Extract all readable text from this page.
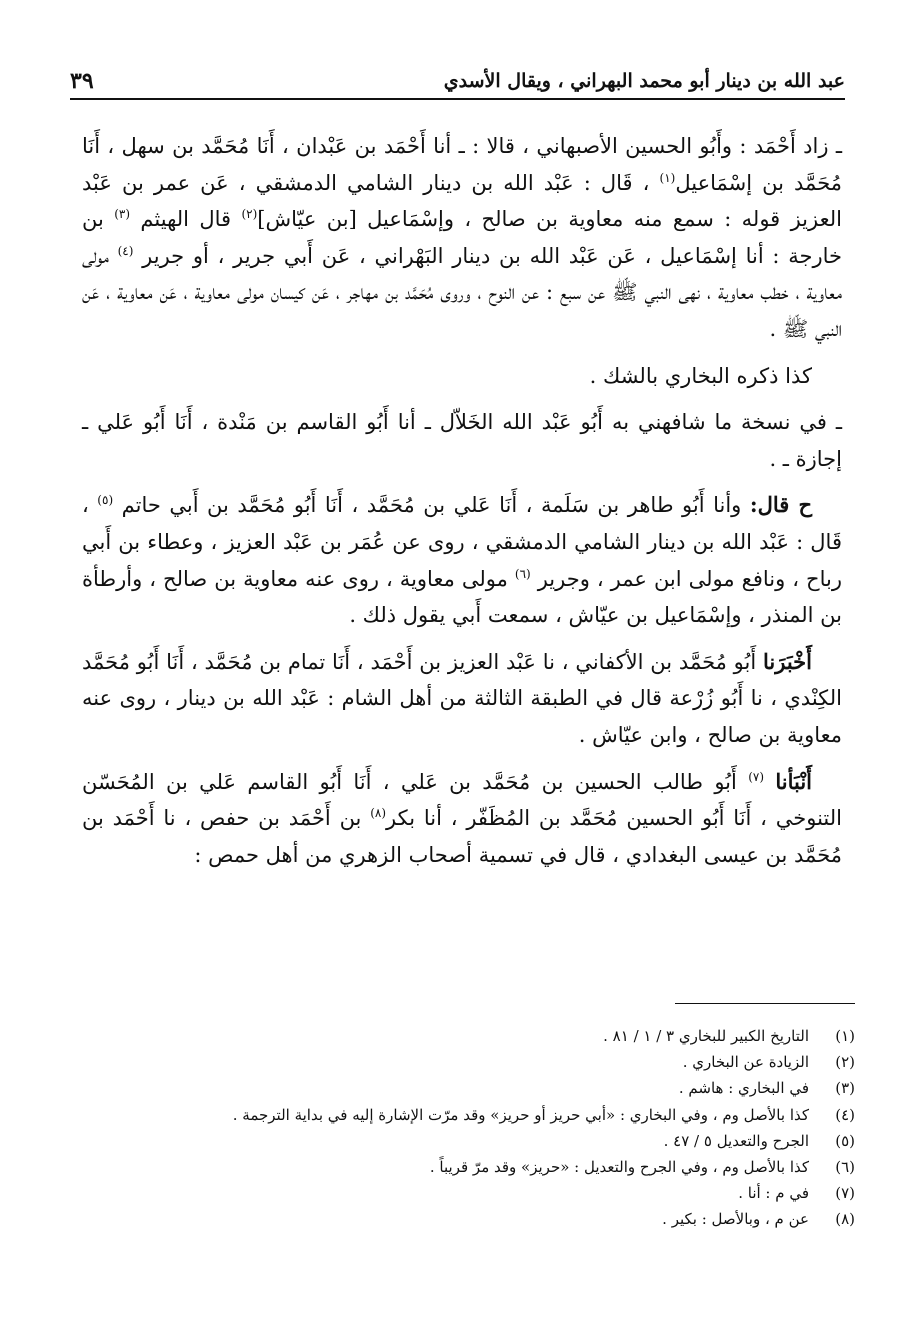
عبد الله بن دينار أبو محمد البهراني ، ويقال الأسدي
٣٩

ـ زاد أَحْمَد : وأَبُو الحسين الأصبهاني ، قالا : ـ أنا أَحْمَد بن عَبْدان ، أَنَا مُحَمَّد بن سهل ، أَنَا مُحَمَّد بن إسْمَاعيل$^{(١)}$ ، قَال : عَبْد الله بن دينار الشامي الدمشقي ، عَن عمر بن عَبْد العزيز قوله : سمع منه معاوية بن صالح ، وإسْمَاعيل [بن عيّاش]$^{(٢)}$ قال الهيثم $^{(٣)}$ بن خارجة : أنا إسْمَاعيل ، عَن عَبْد الله بن دينار البَهْراني ، عَن أَبي جرير ، أو جرير $^{(٤)}$ مولى معاوية ، خطب معاوية ، نهى النبي ﷺ عن سبع : عن النوح ، وروى مُحَمَّد بن مهاجر ، عَن كيسان مولى معاوية ، عَن معاوية ، عَن النبي ﷺ .

كذا ذكره البخاري بالشك .

ـ في نسخة ما شافهني به أَبُو عَبْد الله الخَلاّل ـ أنا أَبُو القاسم بن مَنْدة ، أَنَا أَبُو عَلي ـ إجازة ـ .

ح قال: وأنا أَبُو طاهر بن سَلَمة ، أَنَا عَلي بن مُحَمَّد ، أَنَا أَبُو مُحَمَّد بن أَبي حاتم $^{(٥)}$ ، قَال : عَبْد الله بن دينار الشامي الدمشقي ، روى عن عُمَر بن عَبْد العزيز ، وعطاء بن أَبي رباح ، ونافع مولى ابن عمر ، وجرير $^{(٦)}$ مولى معاوية ، روى عنه معاوية بن صالح ، وأرطأة بن المنذر ، وإسْمَاعيل بن عيّاش ، سمعت أَبي يقول ذلك .

أَخْبَرَنا أَبُو مُحَمَّد بن الأكفاني ، نا عَبْد العزيز بن أَحْمَد ، أَنَا تمام بن مُحَمَّد ، أَنَا أَبُو مُحَمَّد الكِنْدي ، نا أَبُو زُرْعة قال في الطبقة الثالثة من أهل الشام : عَبْد الله بن دينار ، روى عنه معاوية بن صالح ، وابن عيّاش .

أَنْبَأنا $^{(٧)}$ أَبُو طالب الحسين بن مُحَمَّد بن عَلي ، أَنَا أَبُو القاسم عَلي بن المُحَسّن التنوخي ، أَنَا أَبُو الحسين مُحَمَّد بن المُظَفّر ، أنا بكر$^{(٨)}$ بن أَحْمَد بن حفص ، نا أَحْمَد بن مُحَمَّد بن عيسى البغدادي ، قال في تسمية أصحاب الزهري من أهل حمص :

(١)
التاريخ الكبير للبخاري ٣ / ١ / ٨١ .
(٢)
الزيادة عن البخاري .
(٣)
في البخاري : هاشم .
(٤)
كذا بالأصل وم ، وفي البخاري : «أبي حريز أو حريز» وقد مرّت الإشارة إليه في بداية الترجمة .
(٥)
الجرح والتعديل ٥ / ٤٧ .
(٦)
كذا بالأصل وم ، وفي الجرح والتعديل : «حريز» وقد مرّ قريباً .
(٧)
في م : أنا .
(٨)
عن م ، وبالأصل : بكير .
